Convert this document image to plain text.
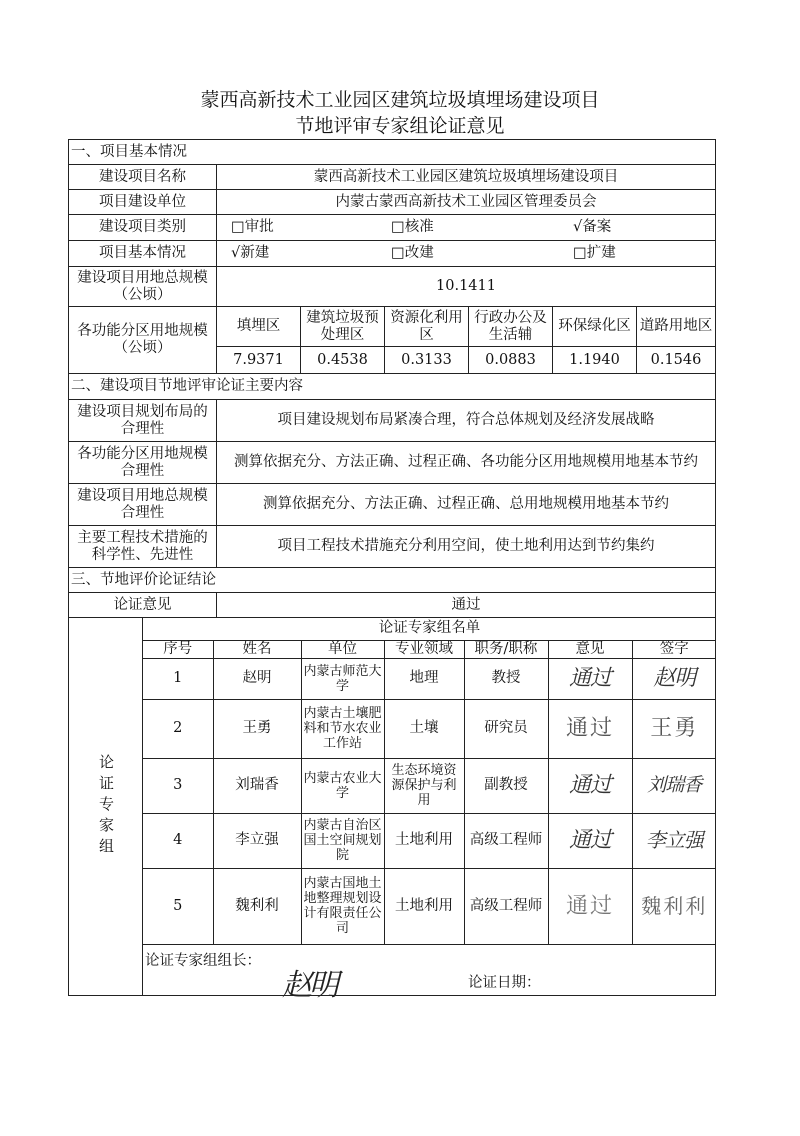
蒙西高新技术工业园区建筑垃圾填埋场建设项目
节地评审专家组论证意见
一、项目基本情况
建设项目名称	蒙西高新技术工业园区建筑垃圾填埋场建设项目
项目建设单位	内蒙古蒙西高新技术工业园区管理委员会
建设项目类别	□审批	□核准	√备案

项目基本情况	√新建	□改建	□扩建

建设项目用地总规模（公顷）	10.1411
各功能分区用地规模（公顷）	填埋区	建筑垃圾预处理区	资源化利用区	行政办公及生活辅	环保绿化区	道路用地区
7.9371	0.4538	0.3133	0.0883	1.1940	0.1546
二、建设项目节地评审论证主要内容
建设项目规划布局的合理性	项目建设规划布局紧凑合理，符合总体规划及经济发展战略
各功能分区用地规模合理性	测算依据充分、方法正确、过程正确、各功能分区用地规模用地基本节约
建设项目用地总规模合理性	测算依据充分、方法正确、过程正确、总用地规模用地基本节约
主要工程技术措施的科学性、先进性	项目工程技术措施充分利用空间，使土地利用达到节约集约
三、节地评价论证结论
论证意见	通过
论证专家组	
论证专家组名单
序号	姓名	单位	专业领域	职务/职称	意见	签字
1	赵明	内蒙古师范大学	地理	教授	通过	赵明
2	王勇	内蒙古土壤肥料和节水农业工作站	土壤	研究员	通过	王勇
3	刘瑞香	内蒙古农业大学	生态环境资源保护与利用	副教授	通过	刘瑞香
4	李立强	内蒙古自治区国土空间规划院	土地利用	高级工程师	通过	李立强
5	魏利利	内蒙古国地土地整理规划设计有限责任公司	土地利用	高级工程师	通过	魏利利

论证专家组组长：
论证日期：
赵明
